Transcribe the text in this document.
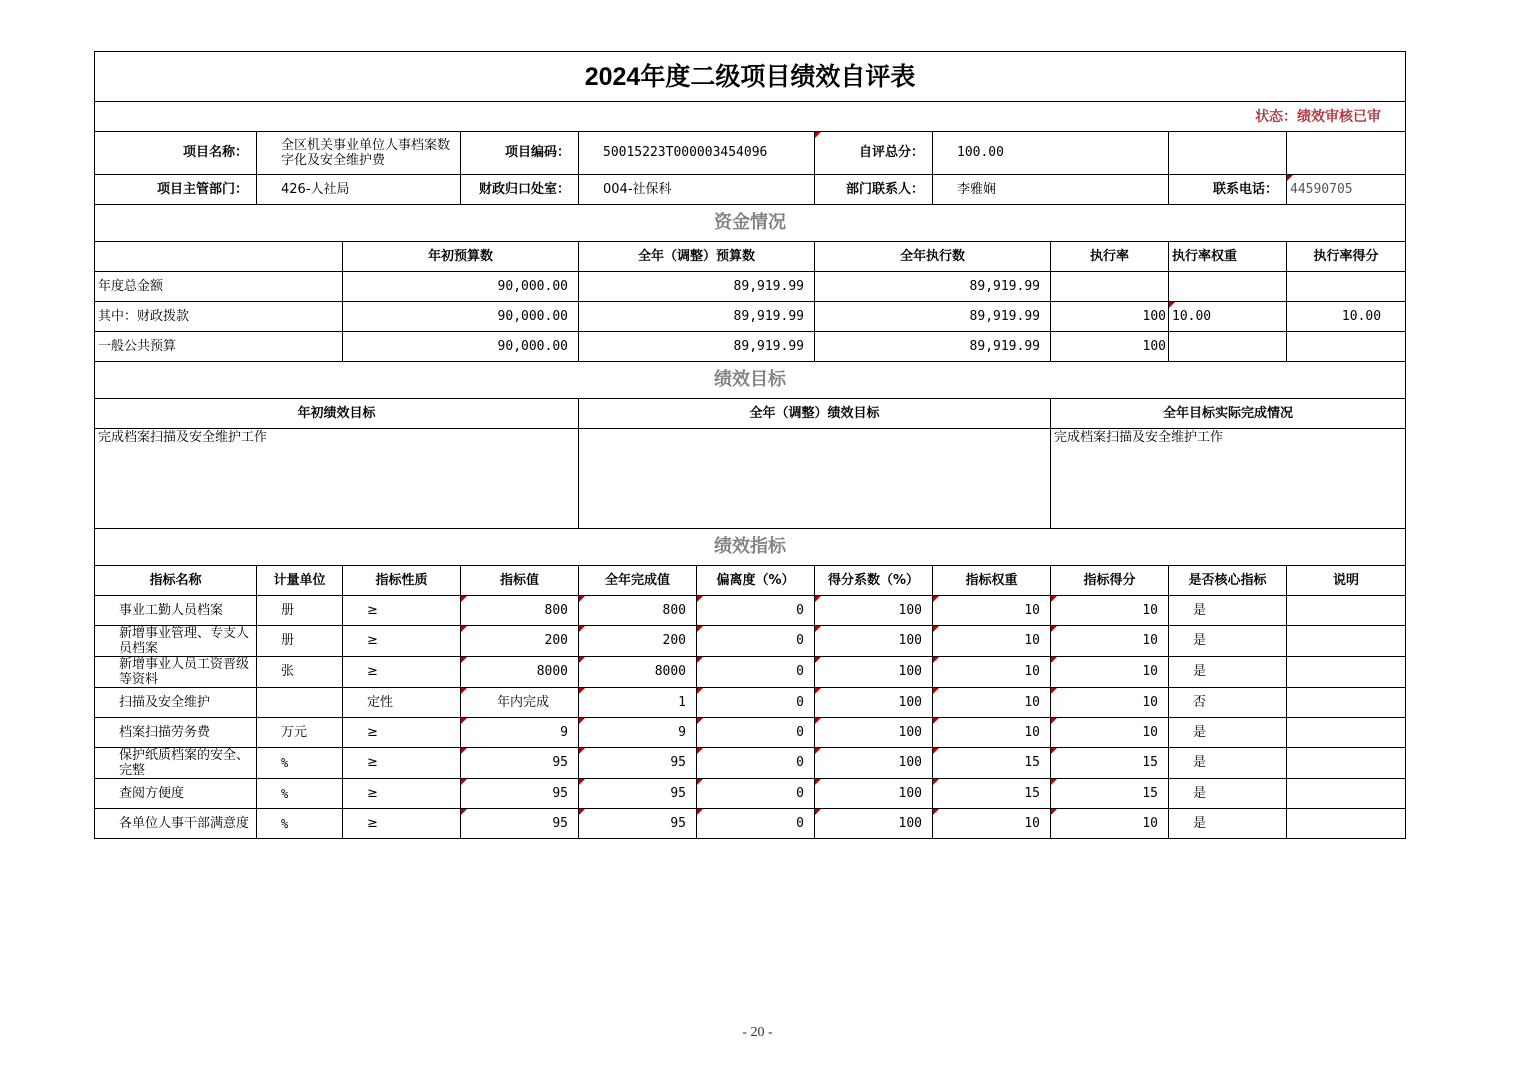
2024年度二级项目绩效自评表										
状态：绩效审核已审										
项目名称：	全区机关事业单位人事档案数字化及安全维护费		项目编码：	50015223T000003454096		自评总分：	100.00			
项目主管部门：	426-人社局		财政归口处室：	004-社保科		部门联系人：	李雅娴		联系电话：	44590705
资金情况										
		年初预算数		全年（调整）预算数		全年执行数		执行率	执行率权重	执行率得分
年度总金额		90,000.00		89,919.99		89,919.99				
其中：财政拨款		90,000.00		89,919.99		89,919.99		100	10.00	10.00
一般公共预算		90,000.00		89,919.99		89,919.99		100		
绩效目标										
年初绩效目标				全年（调整）绩效目标				全年目标实际完成情况		
完成档案扫描及安全维护工作								完成档案扫描及安全维护工作		
绩效指标										
指标名称	计量单位	指标性质	指标值	全年完成值	偏离度（%）	得分系数（%）	指标权重	指标得分	是否核心指标	说明
事业工勤人员档案	册	≥	800	800	0	100	10	10	是	
新增事业管理、专支人员档案	册	≥	200	200	0	100	10	10	是	
新增事业人员工资晋级等资料	张	≥	8000	8000	0	100	10	10	是	
扫描及安全维护		定性	年内完成	1	0	100	10	10	否	
档案扫描劳务费	万元	≥	9	9	0	100	10	10	是	
保护纸质档案的安全、完整	%	≥	95	95	0	100	15	15	是	
查阅方便度	%	≥	95	95	0	100	15	15	是	
各单位人事干部满意度	%	≥	95	95	0	100	10	10	是	
- 20 -
